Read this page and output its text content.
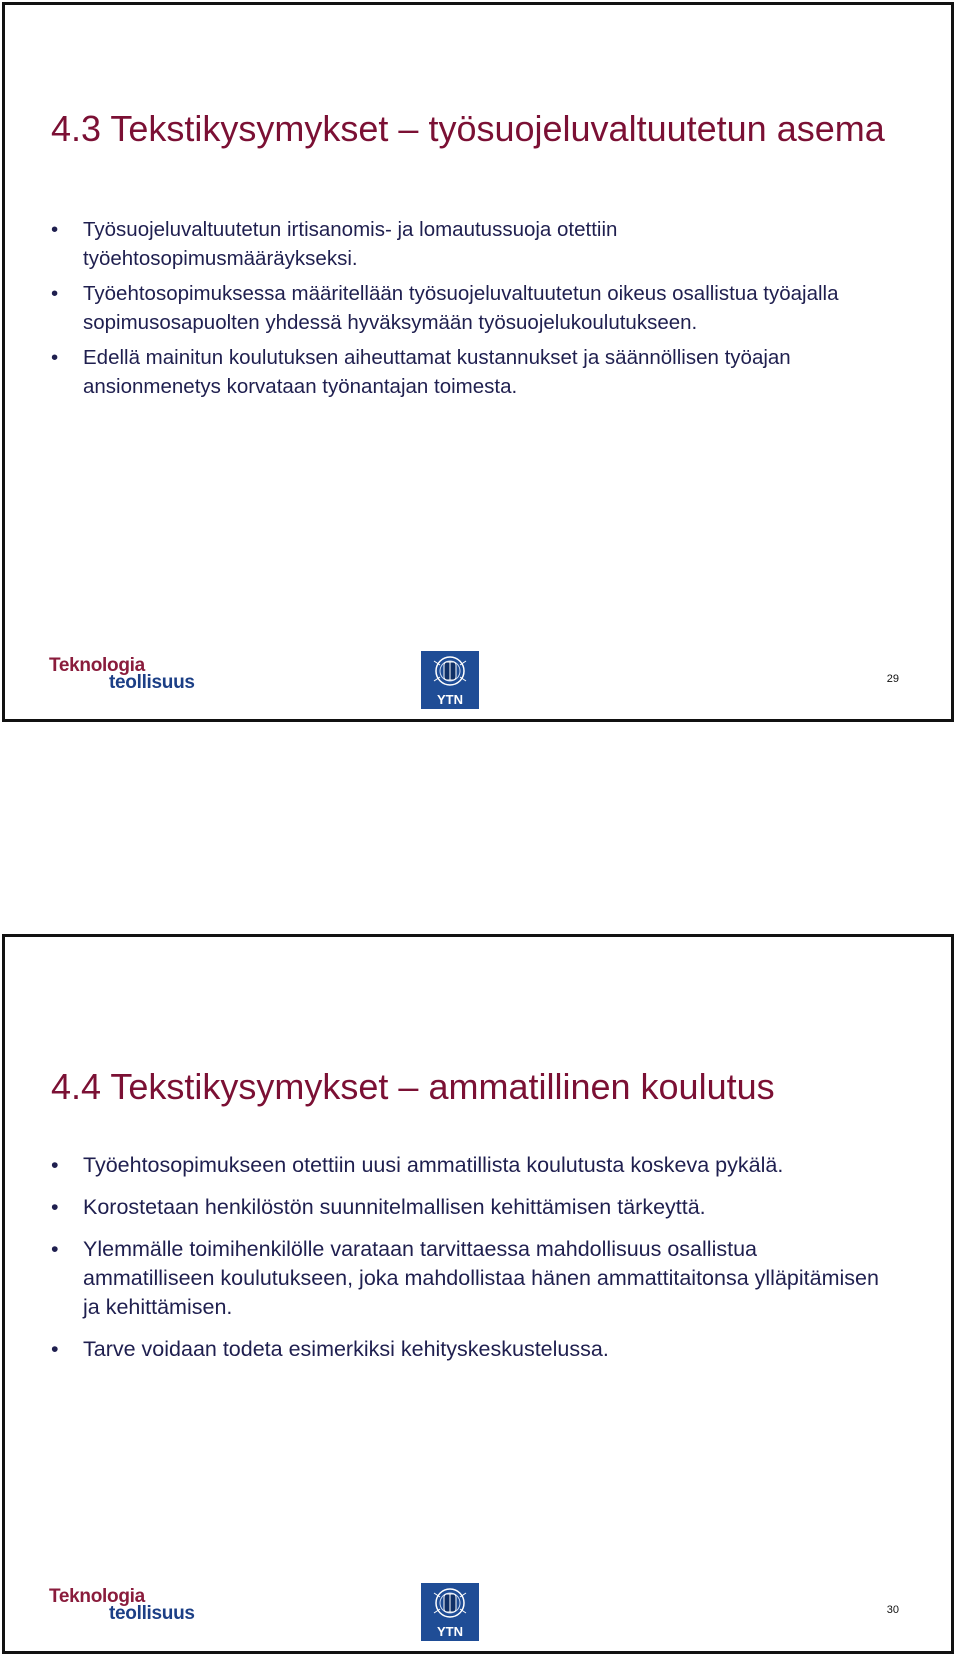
4.3 Tekstikysymykset – työsuojeluvaltuutetun asema
• Työsuojeluvaltuutetun irtisanomis- ja lomautussuoja otettiin työehtosopimusmääräykseksi.
• Työehtosopimuksessa määritellään työsuojeluvaltuutetun oikeus osallistua työajalla sopimusosapuolten yhdessä hyväksymään työsuojelukoulutukseen.
• Edellä mainitun koulutuksen aiheuttamat kustannukset ja säännöllisen työajan ansionmenetys korvataan työnantajan toimesta.
Teknologia
teollisuus
YTN
29
4.4 Tekstikysymykset – ammatillinen koulutus
• Työehtosopimukseen otettiin uusi ammatillista koulutusta koskeva pykälä.
• Korostetaan henkilöstön suunnitelmallisen kehittämisen tärkeyttä.
• Ylemmälle toimihenkilölle varataan tarvittaessa mahdollisuus osallistua ammatilliseen koulutukseen, joka mahdollistaa hänen ammattitaitonsa ylläpitämisen ja kehittämisen.
• Tarve voidaan todeta esimerkiksi kehityskeskustelussa.
Teknologia
teollisuus
YTN
30
